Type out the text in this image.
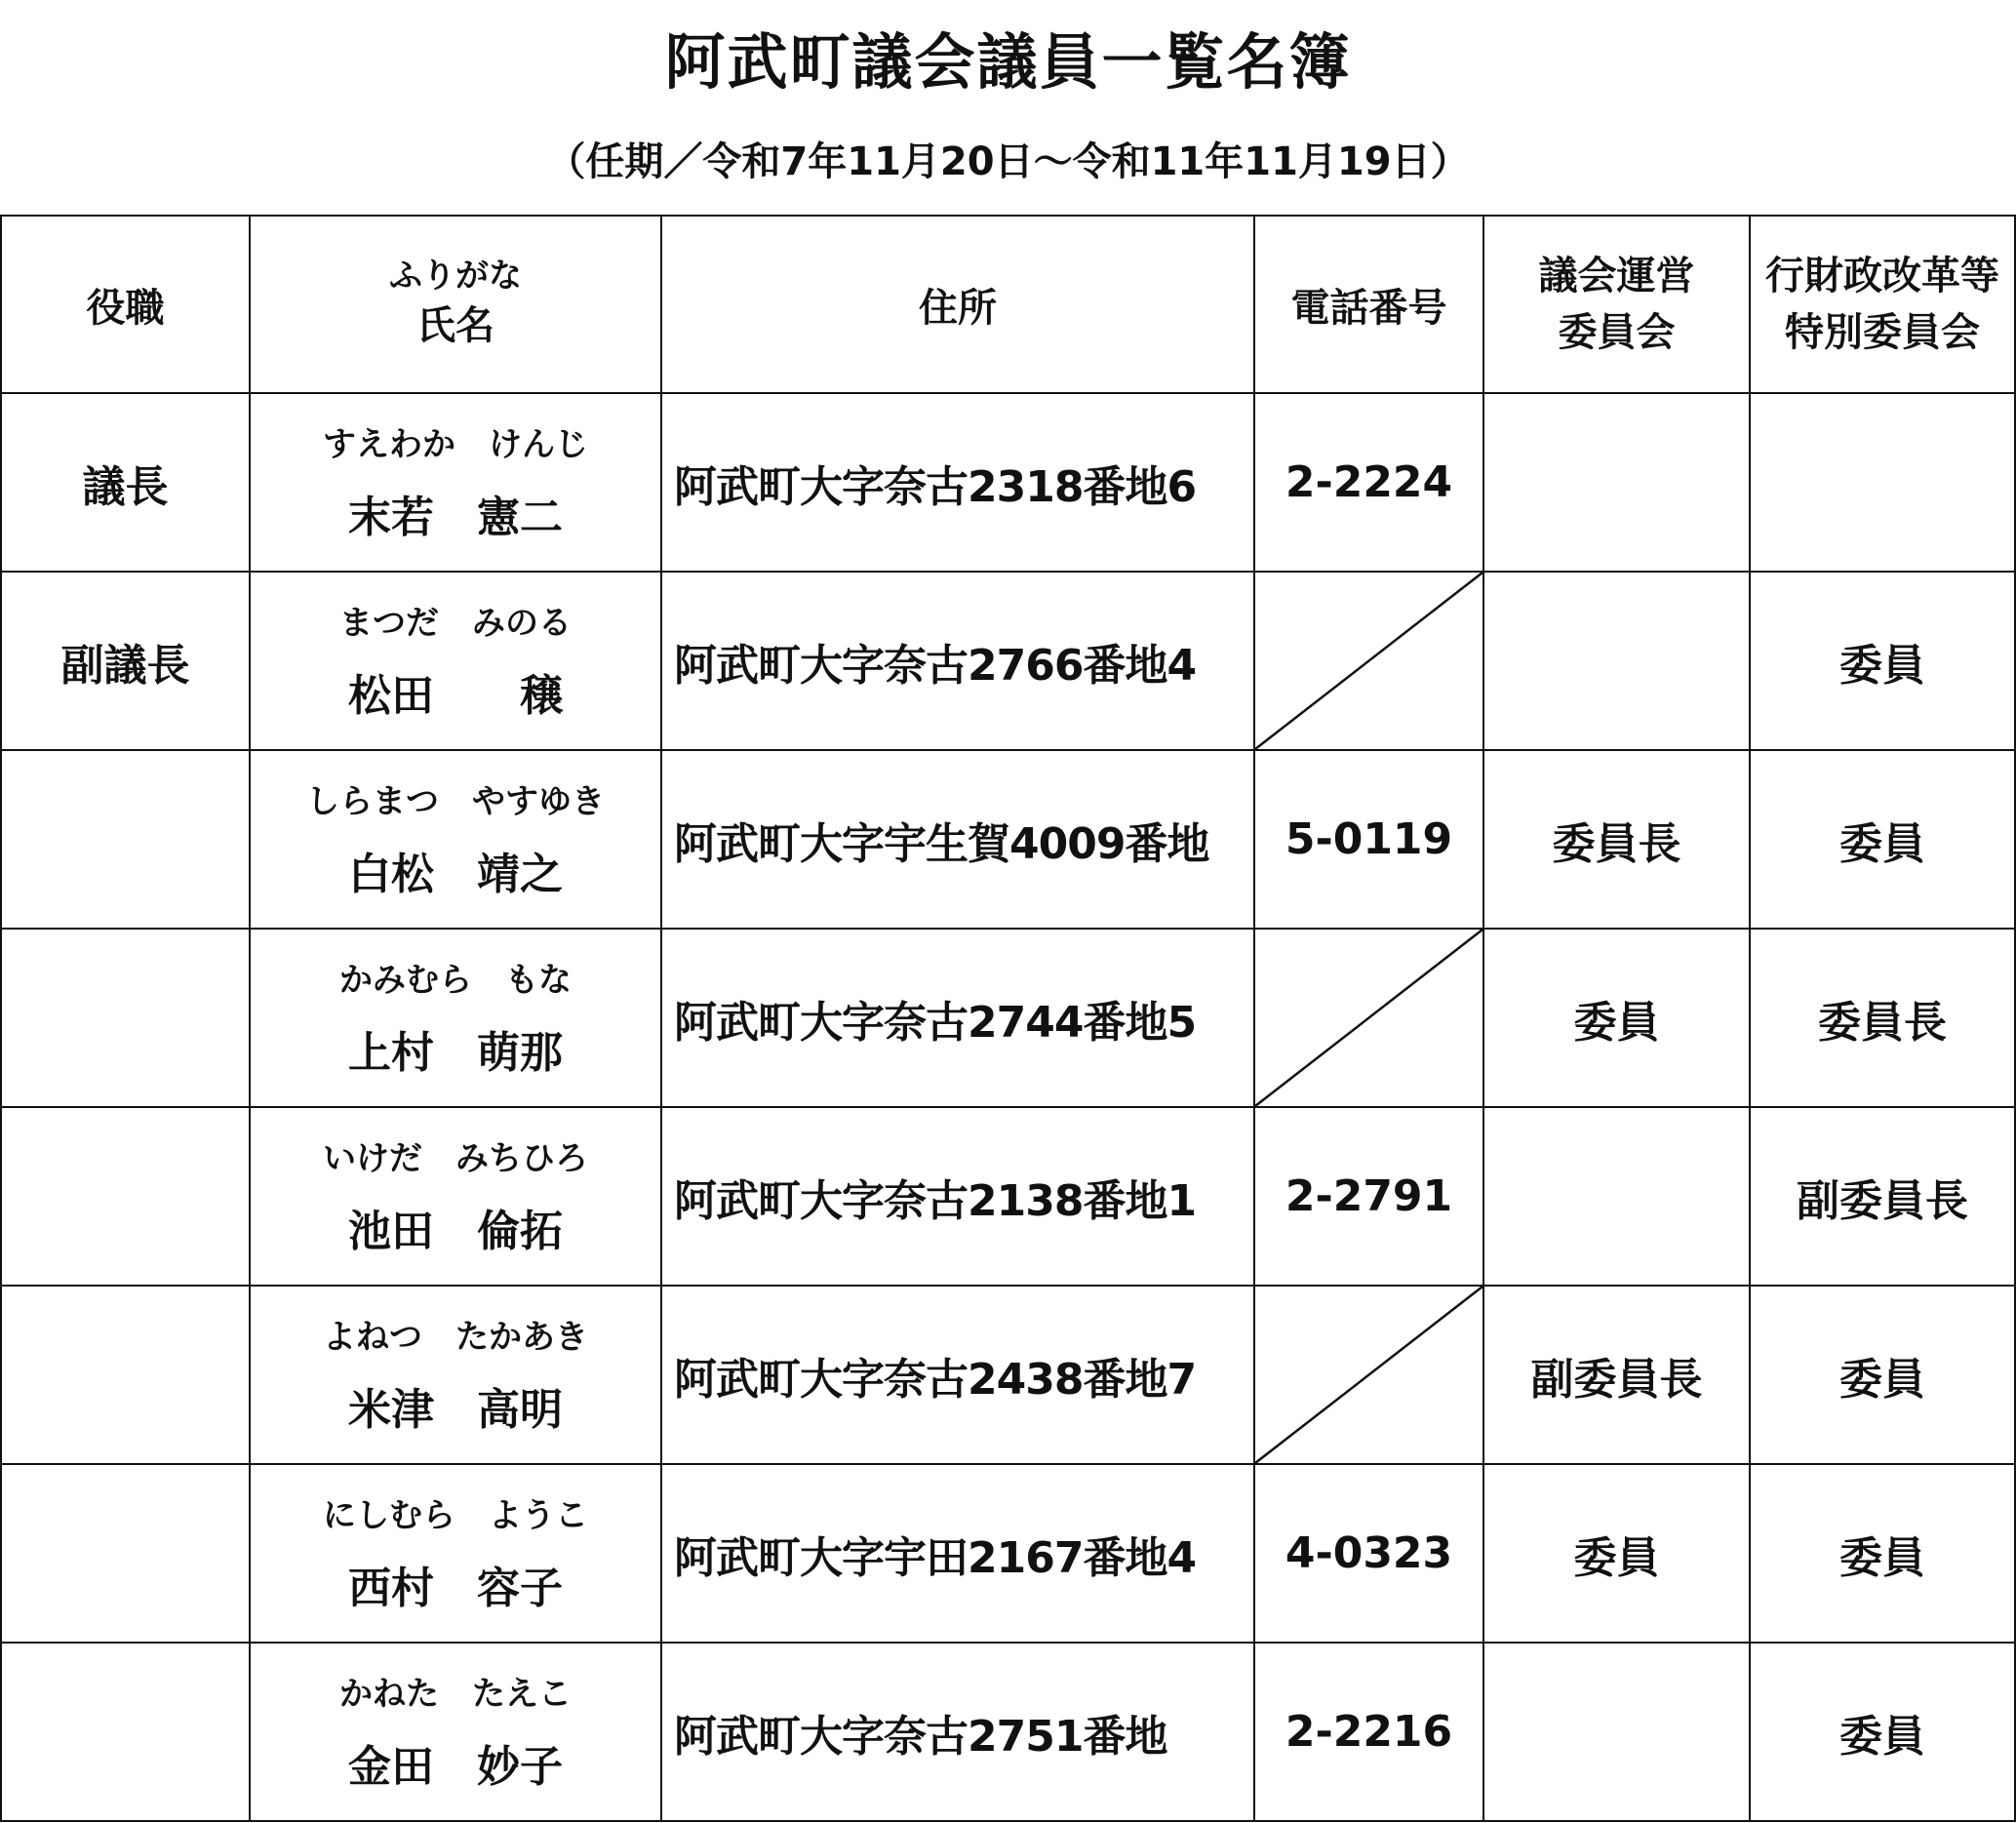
阿武町議会議員一覧名簿
（任期／令和7年11月20日～令和11年11月19日）
役職	ふりがな
氏名	住所	電話番号	議会運営
委員会	行財政改革等
特別委員会

議長	すえわか　けんじ
末若　憲二	阿武町大字奈古2318番地6	2-2224		
副議長	まつだ　みのる
松田　　穣	阿武町大字奈古2766番地4			委員

	しらまつ　やすゆき
白松　靖之	阿武町大字宇生賀4009番地	5-0119	委員長	委員

	かみむら　もな
上村　萌那	阿武町大字奈古2744番地5		委員	委員長

	いけだ　みちひろ
池田　倫拓	阿武町大字奈古2138番地1	2-2791		副委員長

	よねつ　たかあき
米津　高明	阿武町大字奈古2438番地7		副委員長	委員

	にしむら　ようこ
西村　容子	阿武町大字宇田2167番地4	4-0323	委員	委員

	かねた　たえこ
金田　妙子	阿武町大字奈古2751番地	2-2216		委員
